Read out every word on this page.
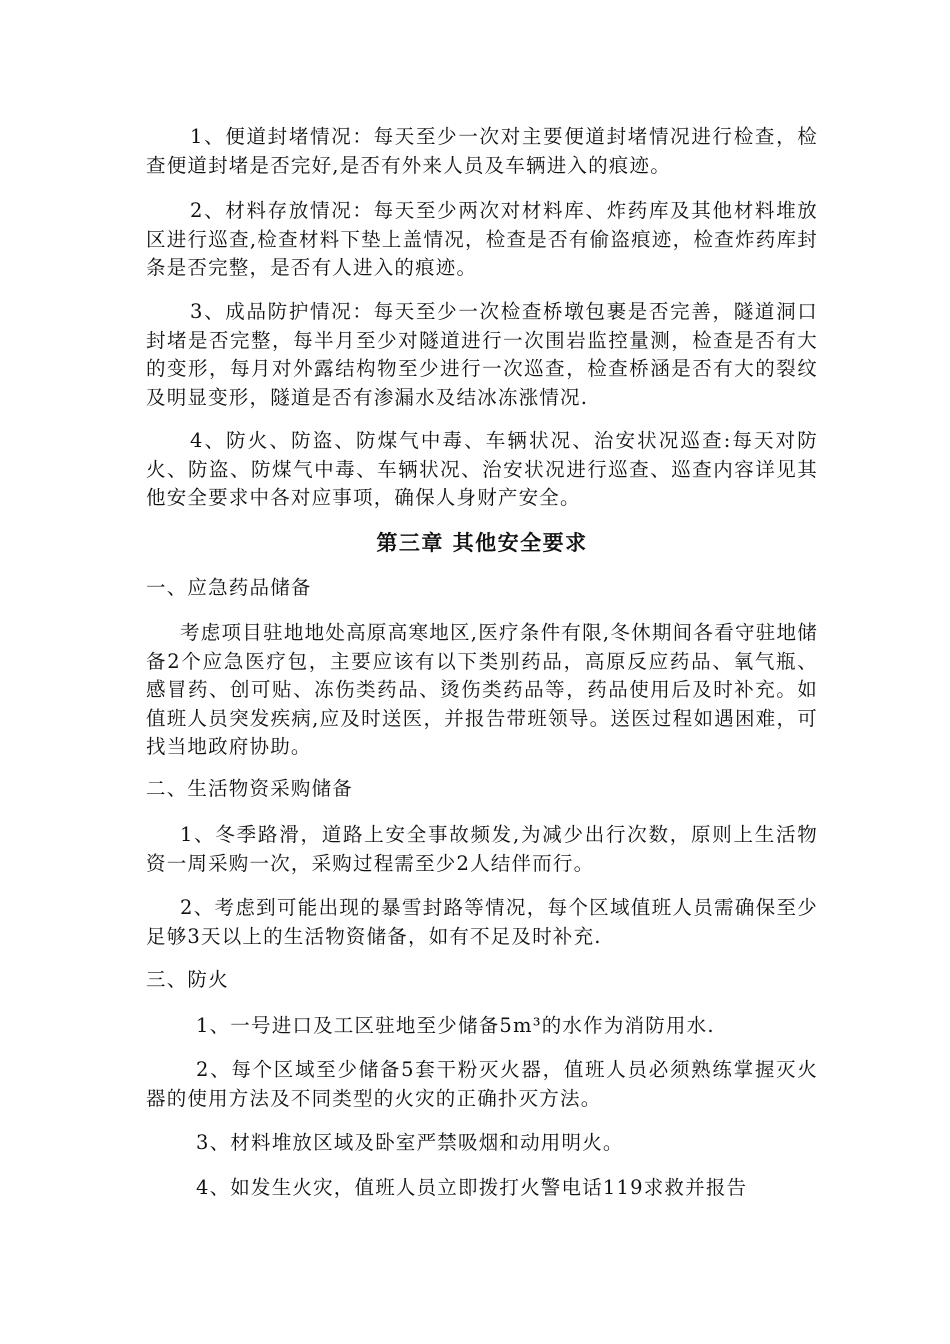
1、便道封堵情况：每天至少一次对主要便道封堵情况进行检查，检查便道封堵是否完好,是否有外来人员及车辆进入的痕迹。

2、材料存放情况：每天至少两次对材料库、炸药库及其他材料堆放区进行巡查,检查材料下垫上盖情况，检查是否有偷盗痕迹，检查炸药库封条是否完整，是否有人进入的痕迹。

3、成品防护情况：每天至少一次检查桥墩包裹是否完善，隧道洞口封堵是否完整，每半月至少对隧道进行一次围岩监控量测，检查是否有大的变形，每月对外露结构物至少进行一次巡查，检查桥涵是否有大的裂纹及明显变形，隧道是否有渗漏水及结冰冻涨情况.

4、防火、防盗、防煤气中毒、车辆状况、治安状况巡查:每天对防火、防盗、防煤气中毒、车辆状况、治安状况进行巡查、巡查内容详见其他安全要求中各对应事项，确保人身财产安全。

第三章 其他安全要求

一、应急药品储备

考虑项目驻地地处高原高寒地区,医疗条件有限,冬休期间各看守驻地储备2个应急医疗包，主要应该有以下类别药品，高原反应药品、氧气瓶、感冒药、创可贴、冻伤类药品、烫伤类药品等，药品使用后及时补充。如值班人员突发疾病,应及时送医，并报告带班领导。送医过程如遇困难，可找当地政府协助。

二、生活物资采购储备

1、冬季路滑，道路上安全事故频发,为减少出行次数，原则上生活物资一周采购一次，采购过程需至少2人结伴而行。

2、考虑到可能出现的暴雪封路等情况，每个区域值班人员需确保至少足够3天以上的生活物资储备，如有不足及时补充.

三、防火

1、一号进口及工区驻地至少储备5m³的水作为消防用水.

2、每个区域至少储备5套干粉灭火器，值班人员必须熟练掌握灭火器的使用方法及不同类型的火灾的正确扑灭方法。

3、材料堆放区域及卧室严禁吸烟和动用明火。

4、如发生火灾，值班人员立即拨打火警电话119求救并报告
